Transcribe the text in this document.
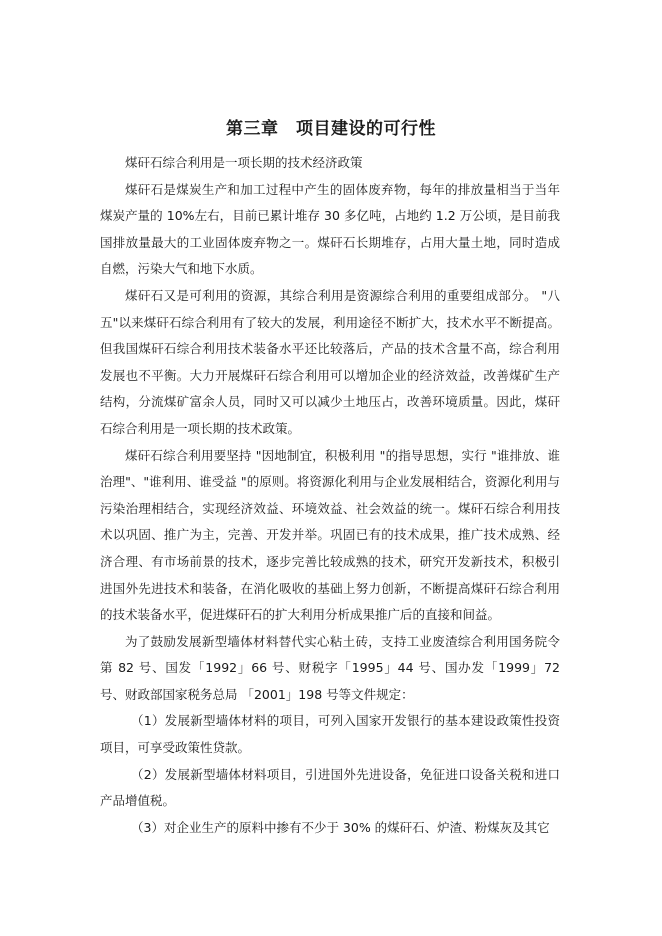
第三章　项目建设的可行性

煤矸石综合利用是一项长期的技术经济政策

煤矸石是煤炭生产和加工过程中产生的固体废弃物，每年的排放量相当于当年煤炭产量的 10%左右，目前已累计堆存 30 多亿吨，占地约 1.2 万公顷，是目前我国排放量最大的工业固体废弃物之一。煤矸石长期堆存，占用大量土地，同时造成自燃，污染大气和地下水质。

煤矸石又是可利用的资源，其综合利用是资源综合利用的重要组成部分。 "八五"以来煤矸石综合利用有了较大的发展，利用途径不断扩大，技术水平不断提高。但我国煤矸石综合利用技术装备水平还比较落后，产品的技术含量不高，综合利用发展也不平衡。大力开展煤矸石综合利用可以增加企业的经济效益，改善煤矿生产结构，分流煤矿富余人员，同时又可以减少土地压占，改善环境质量。因此，煤矸石综合利用是一项长期的技术政策。

煤矸石综合利用要坚持 "因地制宜，积极利用 "的指导思想，实行 "谁排放、谁治理"、"谁利用、谁受益 "的原则。将资源化利用与企业发展相结合，资源化利用与污染治理相结合，实现经济效益、环境效益、社会效益的统一。煤矸石综合利用技术以巩固、推广为主，完善、开发并举。巩固已有的技术成果，推广技术成熟、经济合理、有市场前景的技术，逐步完善比较成熟的技术，研究开发新技术，积极引进国外先进技术和装备，在消化吸收的基础上努力创新，不断提高煤矸石综合利用的技术装备水平，促进煤矸石的扩大利用分析成果推广后的直接和间益。

为了鼓励发展新型墙体材料替代实心粘土砖，支持工业废渣综合利用国务院令第 82 号、国发「1992」66 号、财税字「1995」44 号、国办发「1999」72 号、财政部国家税务总局 「2001」198 号等文件规定：

（1）发展新型墙体材料的项目，可列入国家开发银行的基本建设政策性投资项目，可享受政策性贷款。

（2）发展新型墙体材料项目，引进国外先进设备，免征进口设备关税和进口产品增值税。

（3）对企业生产的原料中掺有不少于 30% 的煤矸石、炉渣、粉煤灰及其它
